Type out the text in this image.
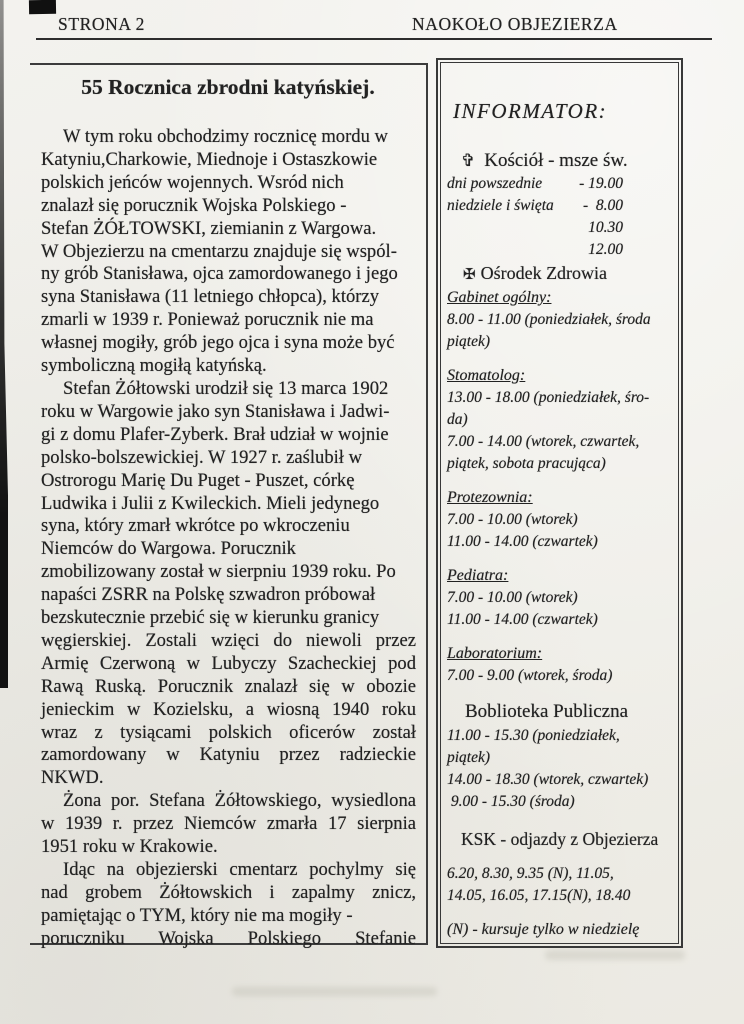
STRONA 2	NAOKOŁO OBJEZIERZA
55 Rocznica zbrodni katyńskiej.
W tym roku obchodzimy rocznicę mordu w
Katyniu,Charkowie, Miednoje i Ostaszkowie
polskich jeńców wojennych. Wsród nich
znalazł się porucznik Wojska Polskiego -
Stefan ŻÓŁTOWSKI, ziemianin z Wargowa.
W Objezierzu na cmentarzu znajduje się wspól-
ny grób Stanisława, ojca zamordowanego i jego
syna Stanisława (11 letniego chłopca), którzy
zmarli w 1939 r. Ponieważ porucznik nie ma
własnej mogiły, grób jego ojca i syna może być
symboliczną mogiłą katyńską.
Stefan Żółtowski urodził się 13 marca 1902
roku w Wargowie jako syn Stanisława i Jadwi-
gi z domu Plafer-Zyberk. Brał udział w wojnie
polsko-bolszewickiej. W 1927 r. zaślubił w
Ostrorogu Marię Du Puget - Puszet, córkę
Ludwika i Julii z Kwileckich. Mieli jedynego
syna, który zmarł wkrótce po wkroczeniu
Niemców do Wargowa. Porucznik
zmobilizowany został w sierpniu 1939 roku. Po
napaści ZSRR na Polskę szwadron próbował
bezskutecznie przebić się w kierunku granicy
węgierskiej. Zostali wzięci do niewoli przez
Armię Czerwoną w Lubyczy Szacheckiej pod
Rawą Ruską. Porucznik znalazł się w obozie
jenieckim w Kozielsku, a wiosną 1940 roku
wraz z tysiącami polskich oficerów został
zamordowany w Katyniu przez radzieckie
NKWD.
Żona por. Stefana Żółtowskiego, wysiedlona
w 1939 r. przez Niemców zmarła 17 sierpnia
1951 roku w Krakowie.
Idąc na objezierski cmentarz pochylmy się
nad grobem Żółtowskich i zapalmy znicz,
pamiętając o TYM, który nie ma mogiły -
poruczniku Wojska Polskiego Stefanie
INFORMATOR:
✞ Kościół - msze św.
dni powszednie	- 19.00
niedziele i święta	-  8.00
10.30
12.00
✠ Ośrodek Zdrowia
Gabinet ogólny:
8.00 - 11.00 (poniedziałek, środa
piątek)
Stomatolog:
13.00 - 18.00 (poniedziałek, śro-
da)
7.00 - 14.00 (wtorek, czwartek,
piątek, sobota pracująca)
Protezownia:
7.00 - 10.00 (wtorek)
11.00 - 14.00 (czwartek)
Pediatra:
7.00 - 10.00 (wtorek)
11.00 - 14.00 (czwartek)
Laboratorium:
7.00 - 9.00 (wtorek, środa)
Boblioteka Publiczna
11.00 - 15.30 (poniedziałek,
piątek)
14.00 - 18.30 (wtorek, czwartek)
9.00 - 15.30 (środa)
KSK - odjazdy z Objezierza
6.20, 8.30, 9.35 (N), 11.05,
14.05, 16.05, 17.15(N), 18.40
(N) - kursuje tylko w niedzielę
